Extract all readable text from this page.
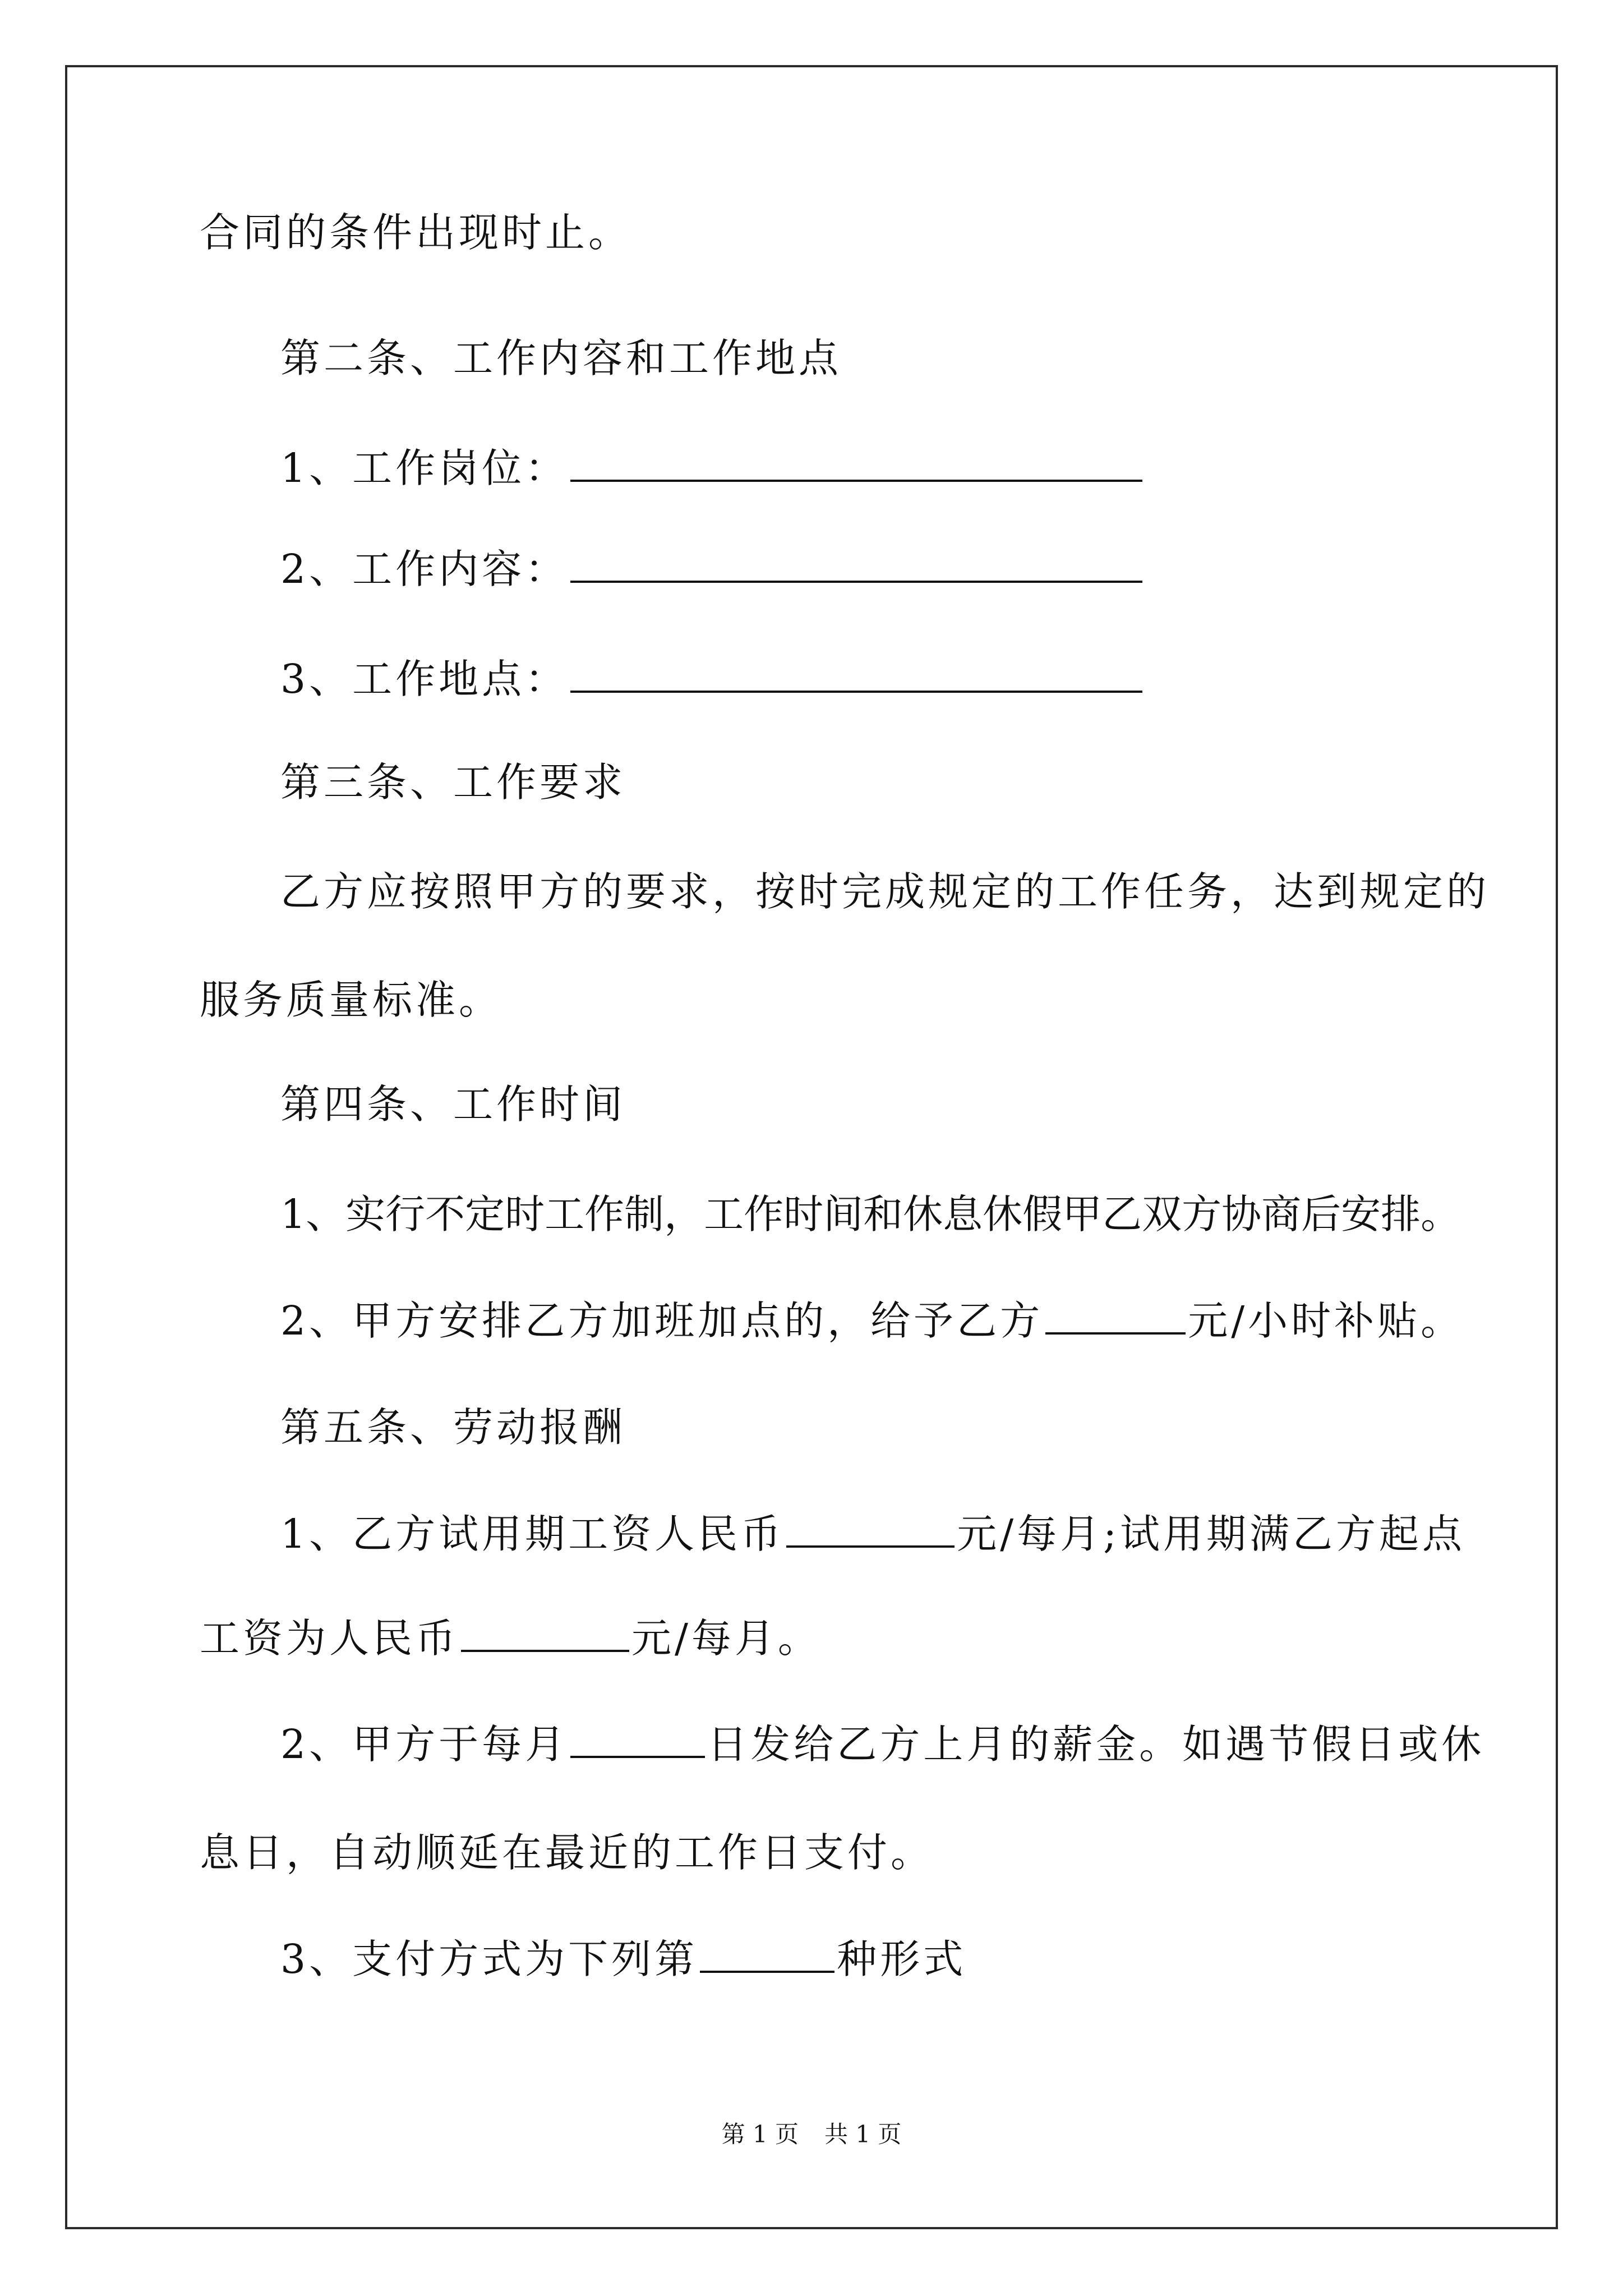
合同的条件出现时止。
第二条、工作内容和工作地点
1、工作岗位：
2、工作内容：
3、工作地点：
第三条、工作要求
乙方应按照甲方的要求，按时完成规定的工作任务，达到规定的
服务质量标准。
第四条、工作时间
1、实行不定时工作制，工作时间和休息休假甲乙双方协商后安排。
2、甲方安排乙方加班加点的，给予乙方	元/小时补贴。
第五条、劳动报酬
1、乙方试用期工资人民币	元/每月;试用期满乙方起点
工资为人民币	元/每月。
2、甲方于每月	日发给乙方上月的薪金。如遇节假日或休
息日，自动顺延在最近的工作日支付。
3、支付方式为下列第	种形式
第 1 页 共 1 页
